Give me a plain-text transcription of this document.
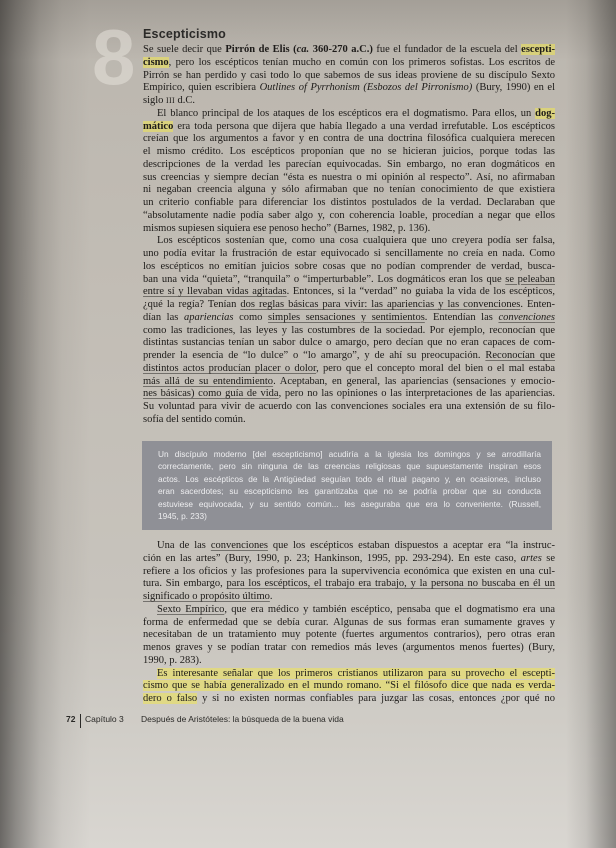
8 Escepticismo
Se suele decir que Pirrón de Elis (ca. 360-270 a.C.) fue el fundador de la escuela del escepti-
cismo, pero los escépticos tenían mucho en común con los primeros sofistas. Los escritos de
Pirrón se han perdido y casi todo lo que sabemos de sus ideas proviene de su discípulo Sexto
Empírico, quien escribiera Outlines of Pyrrhonism (Esbozos del Pirronismo) (Bury, 1990) en el
siglo III d.C.
El blanco principal de los ataques de los escépticos era el dogmatismo. Para ellos, un dog-
mático era toda persona que dijera que había llegado a una verdad irrefutable. Los escépticos
creían que los argumentos a favor y en contra de una doctrina filosófica cualquiera merecen
el mismo crédito. Los escépticos proponían que no se hicieran juicios, porque todas las
descripciones de la verdad les parecían equivocadas. Sin embargo, no eran dogmáticos en
sus creencias y siempre decían “ésta es nuestra o mi opinión al respecto”. Así, no afirmaban
ni negaban creencia alguna y sólo afirmaban que no tenían conocimiento de que existiera
un criterio confiable para diferenciar los distintos postulados de la verdad. Declaraban que
“absolutamente nadie podía saber algo y, con coherencia loable, procedían a negar que ellos
mismos supiesen siquiera ese penoso hecho” (Barnes, 1982, p. 136).
Los escépticos sostenían que, como una cosa cualquiera que uno creyera podía ser falsa,
uno podía evitar la frustración de estar equivocado si sencillamente no creía en nada. Como
los escépticos no emitían juicios sobre cosas que no podían comprender de verdad, busca-
ban una vida “quieta”, “tranquila” o “imperturbable”. Los dogmáticos eran los que se peleaban
entre sí y llevaban vidas agitadas. Entonces, si la “verdad” no guiaba la vida de los escépticos,
¿qué la regía? Tenían dos reglas básicas para vivir: las apariencias y las convenciones. Enten-
dían las apariencias como simples sensaciones y sentimientos. Entendían las convenciones
como las tradiciones, las leyes y las costumbres de la sociedad. Por ejemplo, reconocían que
distintas sustancias tenían un sabor dulce o amargo, pero decían que no eran capaces de com-
prender la esencia de “lo dulce” o “lo amargo”, y de ahí su preocupación. Reconocían que
distintos actos producían placer o dolor, pero que el concepto moral del bien o el mal estaba
más allá de su entendimiento. Aceptaban, en general, las apariencias (sensaciones y emocio-
nes básicas) como guía de vida, pero no las opiniones o las interpretaciones de las apariencias.
Su voluntad para vivir de acuerdo con las convenciones sociales era una extensión de su filo-
sofía del sentido común.
Un discípulo moderno [del escepticismo] acudiría a la iglesia los domingos y se arrodillaría
correctamente, pero sin ninguna de las creencias religiosas que supuestamente inspiran esos
actos. Los escépticos de la Antigüedad seguían todo el ritual pagano y, en ocasiones, incluso
eran sacerdotes; su escepticismo les garantizaba que no se podría probar que su conducta
estuviese equivocada, y su sentido común... les aseguraba que era lo conveniente. (Russell,
1945, p. 233)
Una de las convenciones que los escépticos estaban dispuestos a aceptar era “la instruc-
ción en las artes” (Bury, 1990, p. 23; Hankinson, 1995, pp. 293-294). En este caso, artes se
refiere a los oficios y las profesiones para la supervivencia económica que existen en una cul-
tura. Sin embargo, para los escépticos, el trabajo era trabajo, y la persona no buscaba en él un
significado o propósito último.
Sexto Empírico, que era médico y también escéptico, pensaba que el dogmatismo era una
forma de enfermedad que se debía curar. Algunas de sus formas eran sumamente graves y
necesitaban de un tratamiento muy potente (fuertes argumentos contrarios), pero otras eran
menos graves y se podían tratar con remedios más leves (argumentos menos fuertes) (Bury,
1990, p. 283).
Es interesante señalar que los primeros cristianos utilizaron para su provecho el escepti-
cismo que se había generalizado en el mundo romano. “Si el filósofo dice que nada es verda-
dero o falso y si no existen normas confiables para juzgar las cosas, entonces ¿por qué no
72 Capítulo 3 Después de Aristóteles: la búsqueda de la buena vida
